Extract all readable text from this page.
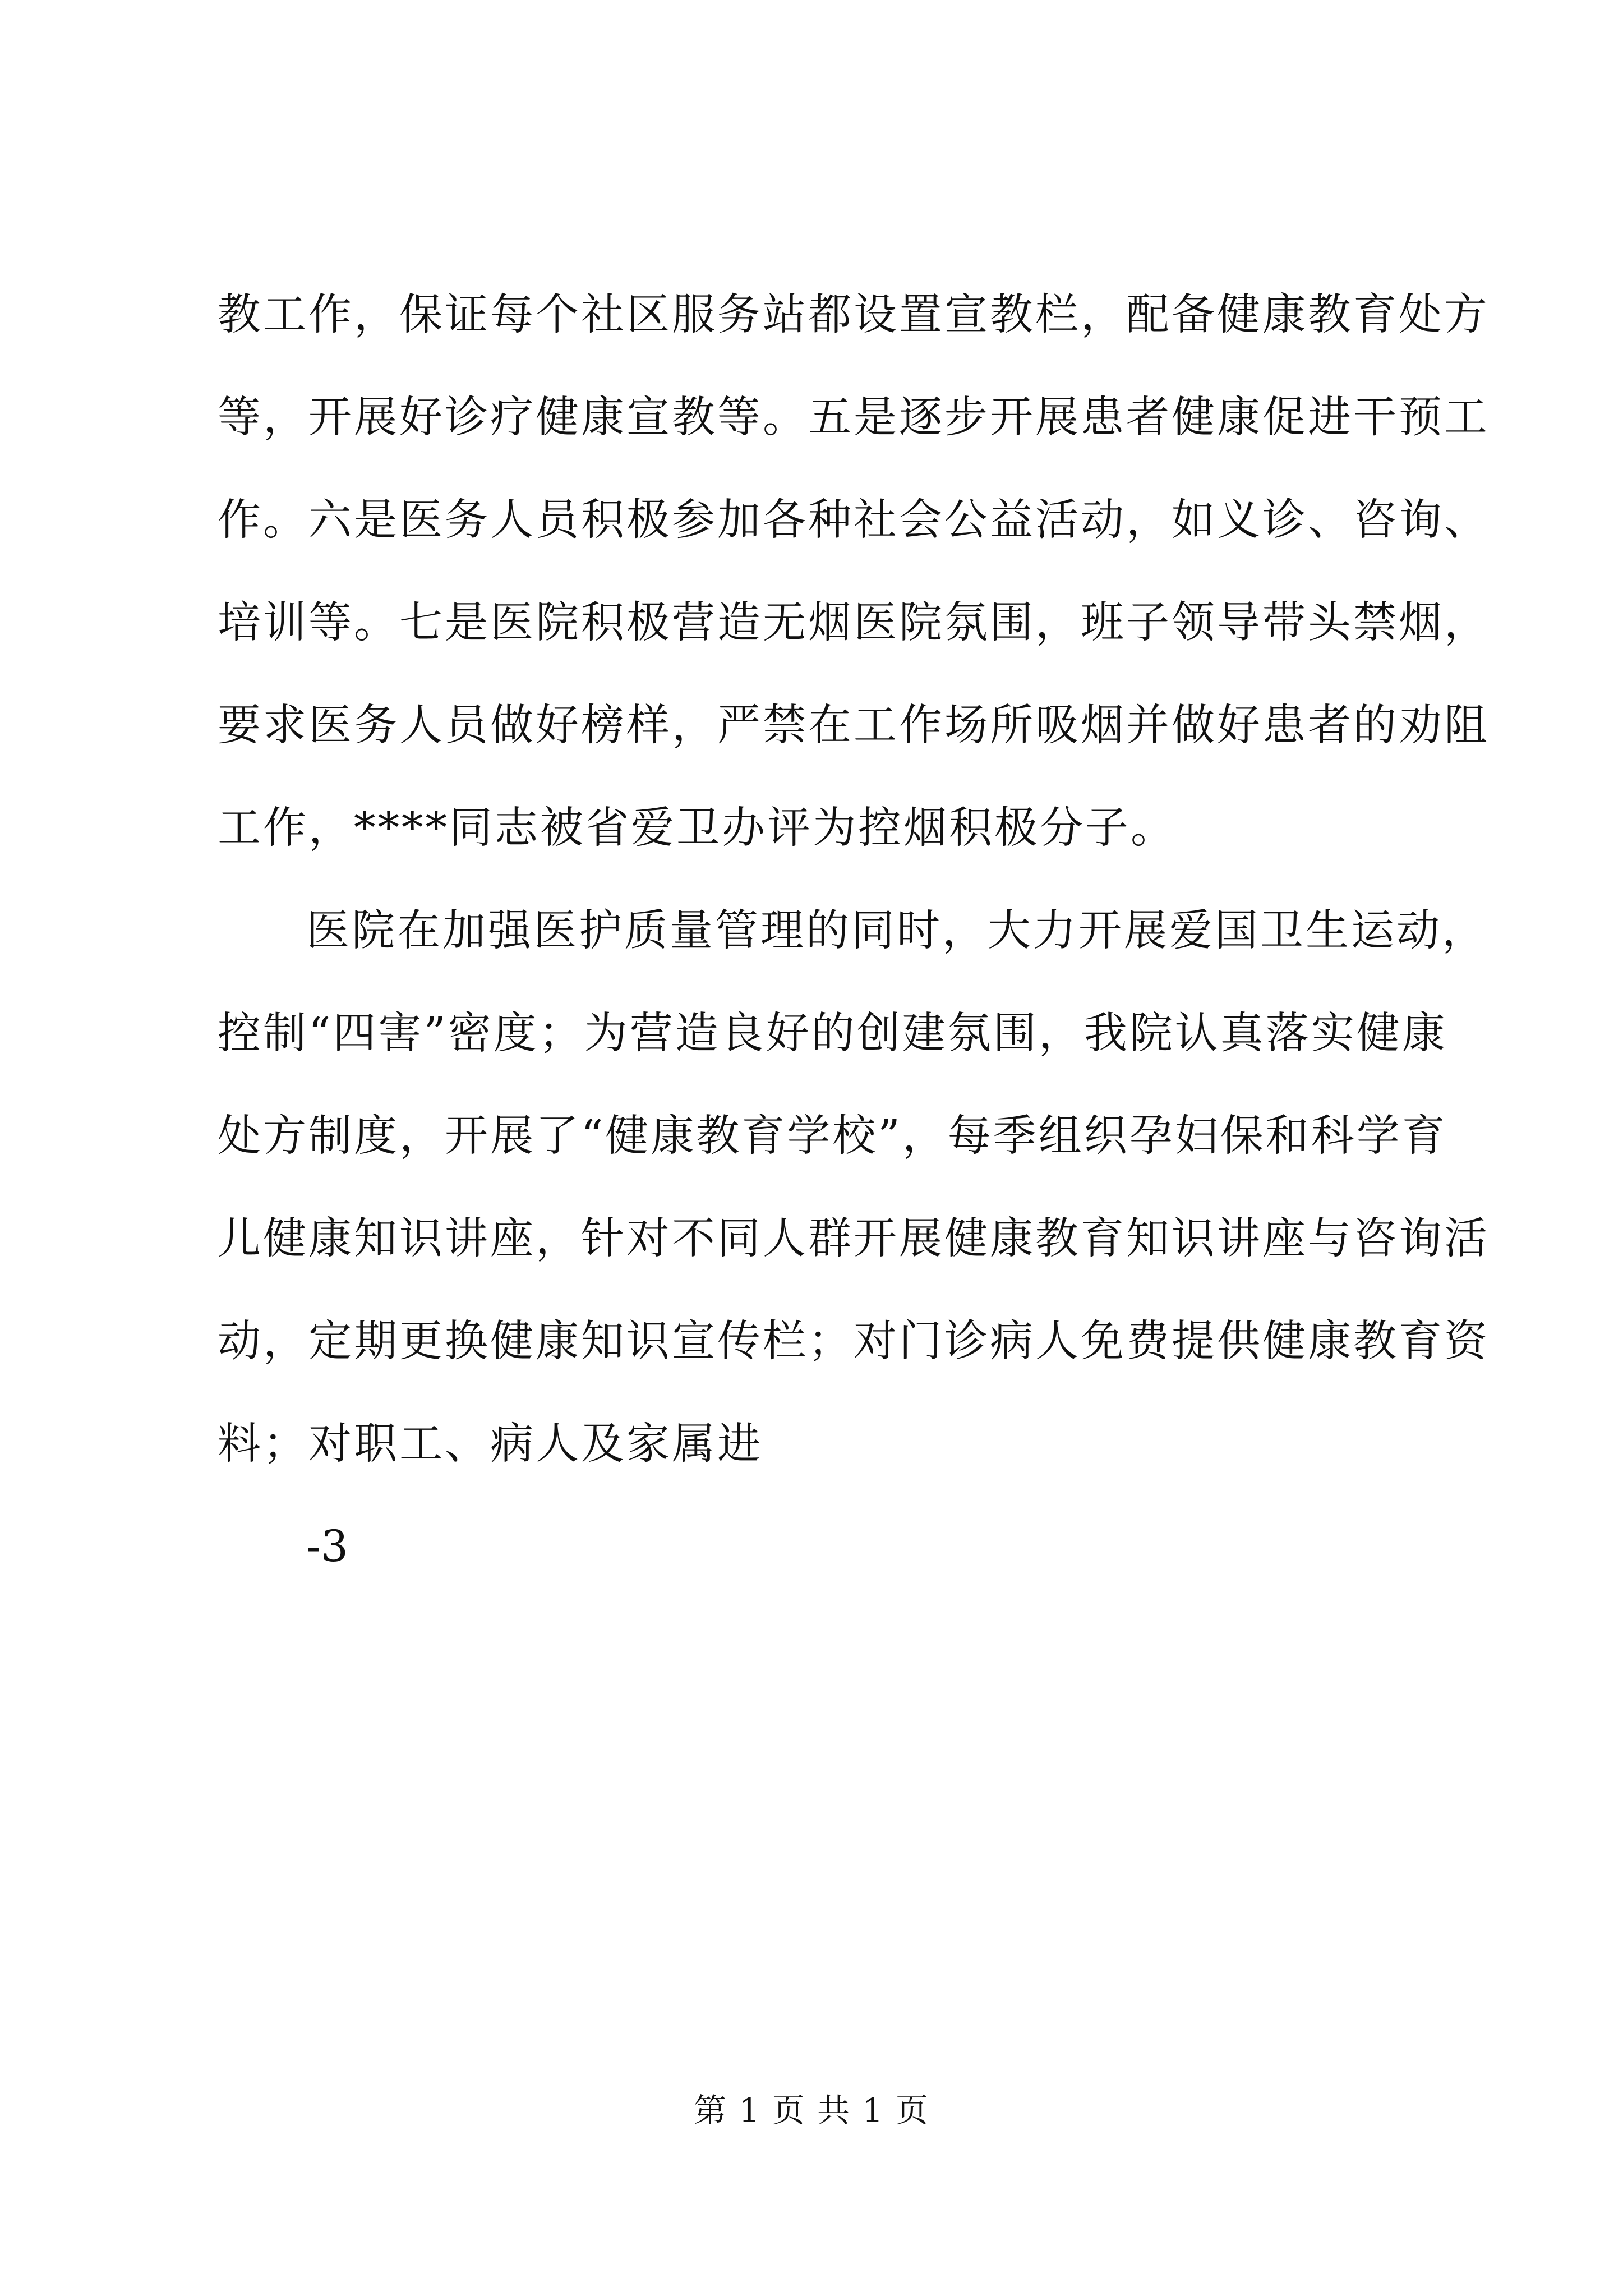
教工作，保证每个社区服务站都设置宣教栏，配备健康教育处方
等，开展好诊疗健康宣教等。五是逐步开展患者健康促进干预工
作。六是医务人员积极参加各种社会公益活动，如义诊、咨询、
培训等。七是医院积极营造无烟医院氛围，班子领导带头禁烟，
要求医务人员做好榜样，严禁在工作场所吸烟并做好患者的劝阻
工作，****同志被省爱卫办评为控烟积极分子。
医院在加强医护质量管理的同时，大力开展爱国卫生运动，
控制“四害”密度；为营造良好的创建氛围，我院认真落实健康
处方制度，开展了“健康教育学校”，每季组织孕妇保和科学育
儿健康知识讲座，针对不同人群开展健康教育知识讲座与咨询活
动，定期更换健康知识宣传栏；对门诊病人免费提供健康教育资
料；对职工、病人及家属进
-3
第 1 页 共 1 页
